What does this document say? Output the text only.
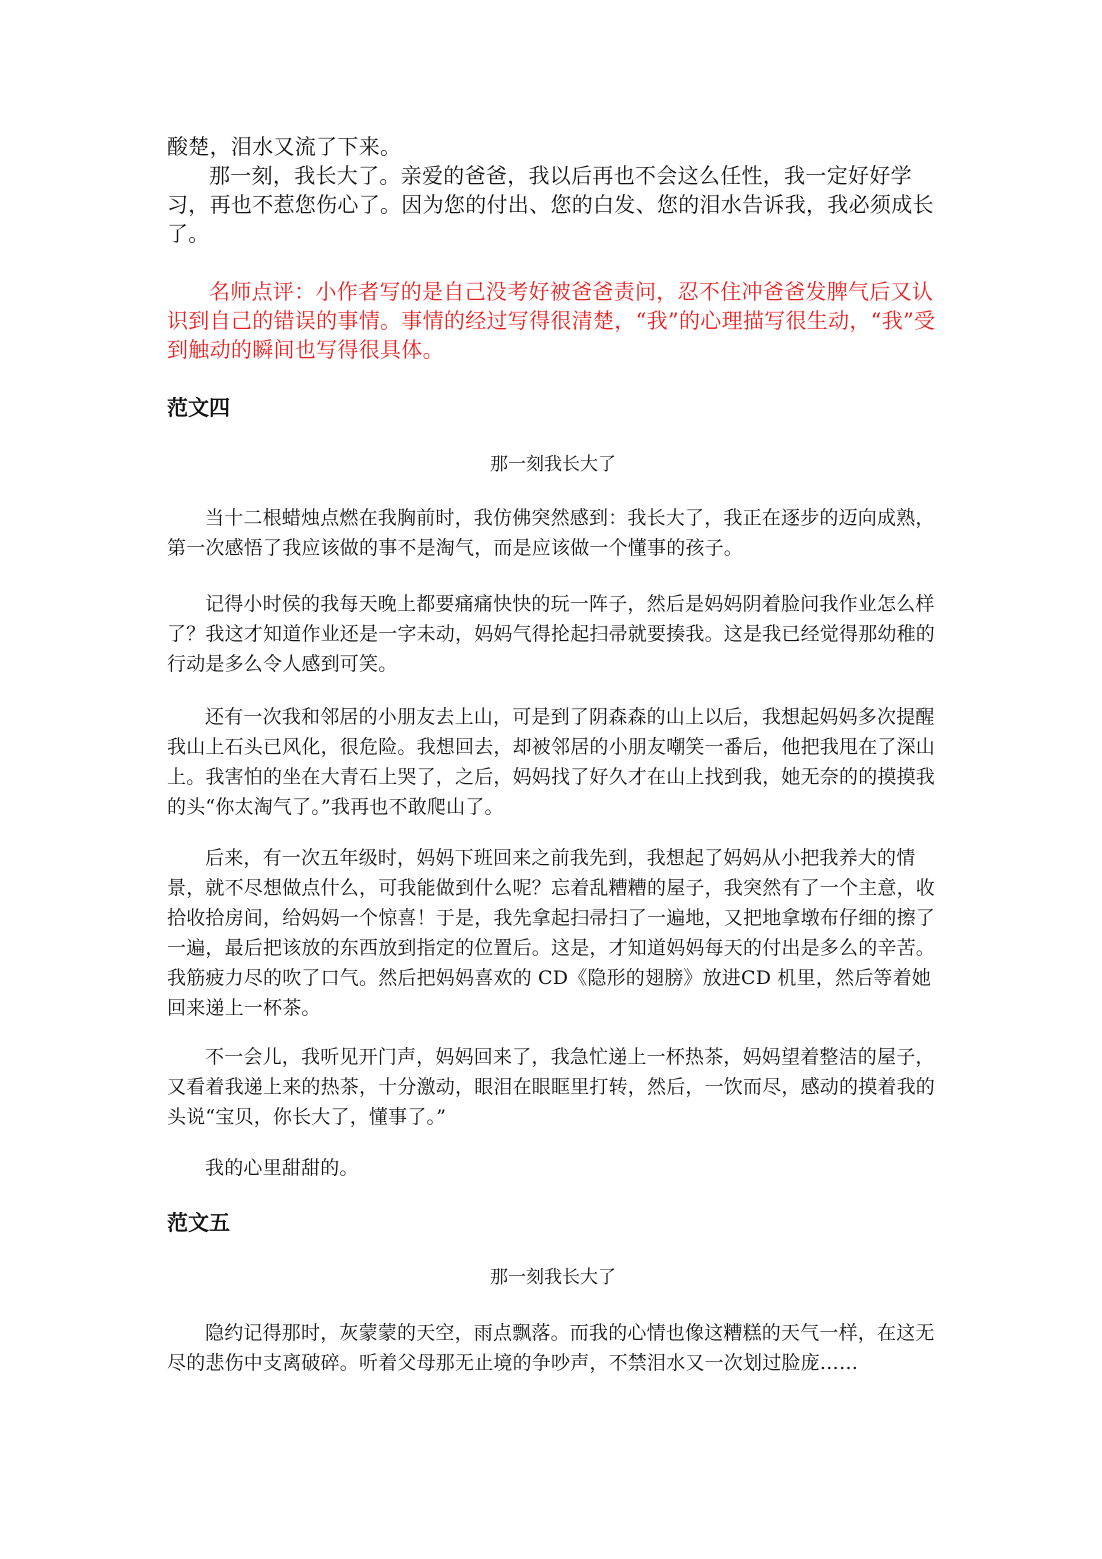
酸楚，泪水又流了下来。

那一刻，我长大了。亲爱的爸爸，我以后再也不会这么任性，我一定好好学习，再也不惹您伤心了。因为您的付出、您的白发、您的泪水告诉我，我必须成长了。

名师点评：小作者写的是自己没考好被爸爸责问，忍不住冲爸爸发脾气后又认识到自己的错误的事情。事情的经过写得很清楚，“我”的心理描写很生动，“我”受到触动的瞬间也写得很具体。

范文四
那一刻我长大了

当十二根蜡烛点燃在我胸前时，我仿佛突然感到：我长大了，我正在逐步的迈向成熟，第一次感悟了我应该做的事不是淘气，而是应该做一个懂事的孩子。

记得小时侯的我每天晚上都要痛痛快快的玩一阵子，然后是妈妈阴着脸问我作业怎么样了？我这才知道作业还是一字未动，妈妈气得抡起扫帚就要揍我。这是我已经觉得那幼稚的行动是多么令人感到可笑。

还有一次我和邻居的小朋友去上山，可是到了阴森森的山上以后，我想起妈妈多次提醒我山上石头已风化，很危险。我想回去，却被邻居的小朋友嘲笑一番后，他把我甩在了深山上。我害怕的坐在大青石上哭了，之后，妈妈找了好久才在山上找到我，她无奈的的摸摸我的头“你太淘气了。”我再也不敢爬山了。

后来，有一次五年级时，妈妈下班回来之前我先到，我想起了妈妈从小把我养大的情景，就不尽想做点什么，可我能做到什么呢？忘着乱糟糟的屋子，我突然有了一个主意，收拾收拾房间，给妈妈一个惊喜！于是，我先拿起扫帚扫了一遍地，又把地拿墩布仔细的擦了一遍，最后把该放的东西放到指定的位置后。这是，才知道妈妈每天的付出是多么的辛苦。我筋疲力尽的吹了口气。然后把妈妈喜欢的 CD《隐形的翅膀》放进CD 机里，然后等着她回来递上一杯茶。

不一会儿，我听见开门声，妈妈回来了，我急忙递上一杯热茶，妈妈望着整洁的屋子，又看着我递上来的热茶，十分激动，眼泪在眼眶里打转，然后，一饮而尽，感动的摸着我的头说“宝贝，你长大了，懂事了。”

我的心里甜甜的。

范文五
那一刻我长大了

隐约记得那时，灰蒙蒙的天空，雨点飘落。而我的心情也像这糟糕的天气一样，在这无尽的悲伤中支离破碎。听着父母那无止境的争吵声，不禁泪水又一次划过脸庞……
